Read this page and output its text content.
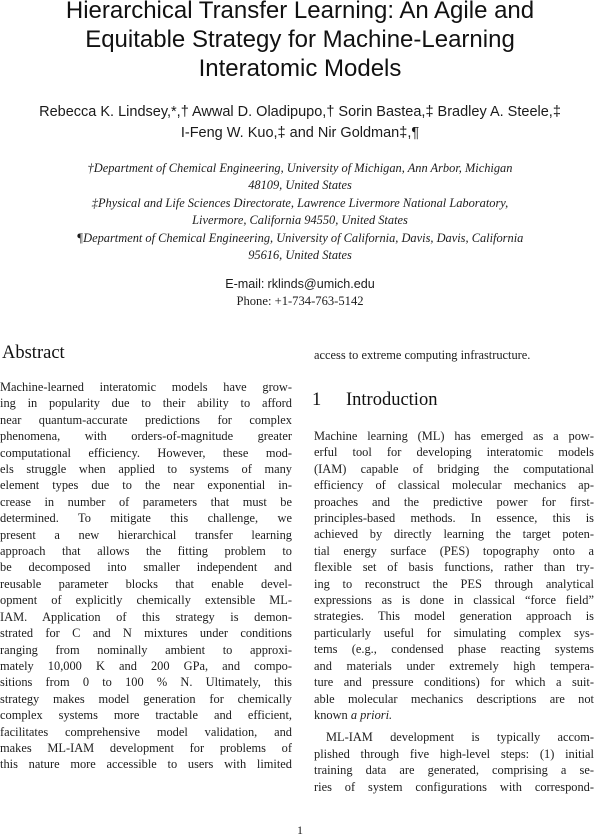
Hierarchical Transfer Learning: An Agile and
Equitable Strategy for Machine-Learning
Interatomic Models
Rebecca K. Lindsey,*,† Awwal D. Oladipupo,† Sorin Bastea,‡ Bradley A. Steele,‡
I-Feng W. Kuo,‡ and Nir Goldman‡,¶
†Department of Chemical Engineering, University of Michigan, Ann Arbor, Michigan
48109, United States
‡Physical and Life Sciences Directorate, Lawrence Livermore National Laboratory,
Livermore, California 94550, United States
¶Department of Chemical Engineering, University of California, Davis, Davis, California
95616, United States
E-mail: rklinds@umich.edu
Phone: +1-734-763-5142
Abstract
Machine-learned interatomic models have grow-
ing in popularity due to their ability to afford
near quantum-accurate predictions for complex
phenomena, with orders-of-magnitude greater
computational efficiency. However, these mod-
els struggle when applied to systems of many
element types due to the near exponential in-
crease in number of parameters that must be
determined. To mitigate this challenge, we
present a new hierarchical transfer learning
approach that allows the fitting problem to
be decomposed into smaller independent and
reusable parameter blocks that enable devel-
opment of explicitly chemically extensible ML-
IAM. Application of this strategy is demon-
strated for C and N mixtures under conditions
ranging from nominally ambient to approxi-
mately 10,000 K and 200 GPa, and compo-
sitions from 0 to 100 % N. Ultimately, this
strategy makes model generation for chemically
complex systems more tractable and efficient,
facilitates comprehensive model validation, and
makes ML-IAM development for problems of
this nature more accessible to users with limited
access to extreme computing infrastructure.
1 Introduction
Machine learning (ML) has emerged as a pow-
erful tool for developing interatomic models
(IAM) capable of bridging the computational
efficiency of classical molecular mechanics ap-
proaches and the predictive power for first-
principles-based methods. In essence, this is
achieved by directly learning the target poten-
tial energy surface (PES) topography onto a
flexible set of basis functions, rather than try-
ing to reconstruct the PES through analytical
expressions as is done in classical “force field”
strategies. This model generation approach is
particularly useful for simulating complex sys-
tems (e.g., condensed phase reacting systems
and materials under extremely high tempera-
ture and pressure conditions) for which a suit-
able molecular mechanics descriptions are not
known a priori.
ML-IAM development is typically accom-
plished through five high-level steps: (1) initial
training data are generated, comprising a se-
ries of system configurations with correspond-
1
